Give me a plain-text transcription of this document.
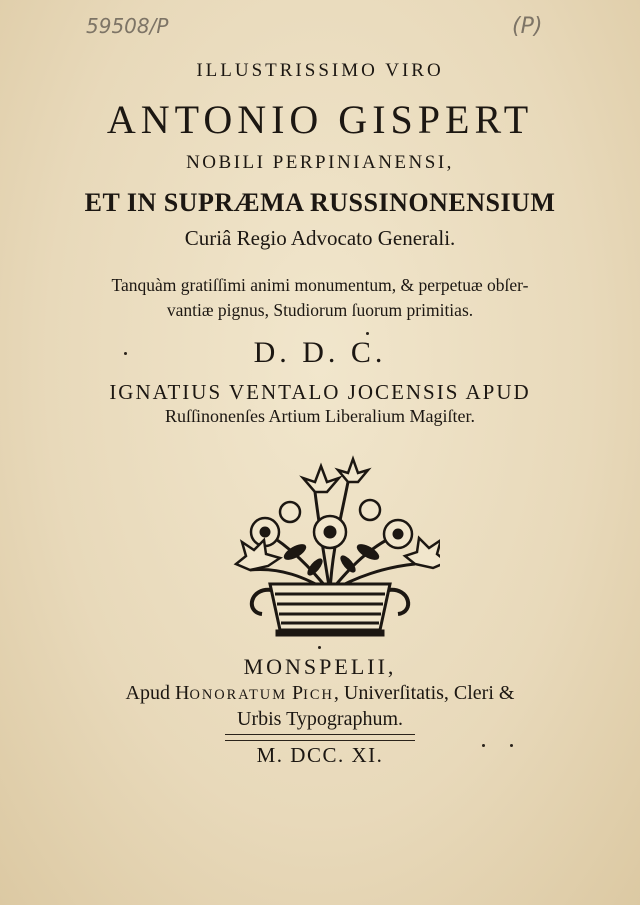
59508/P	(P)
ILLUSTRISSIMO VIRO
ANTONIO GISPERT
NOBILI PERPINIANENSI,
ET IN SUPRÆMA RUSSINONENSIUM
Curiâ Regio Advocato Generali.
Tanquàm gratiſſimi animi monumentum, & perpetuæ obſer-
vantiæ pignus, Studiorum ſuorum primitias.
D. D. C.
IGNATIUS VENTALO JOCENSIS APUD
Ruſſinonenſes Artium Liberalium Magiſter.
MONSPELII,
Apud HONORATUM PICH, Univerſitatis, Cleri &
Urbis Typographum.
M. DCC. XI.
